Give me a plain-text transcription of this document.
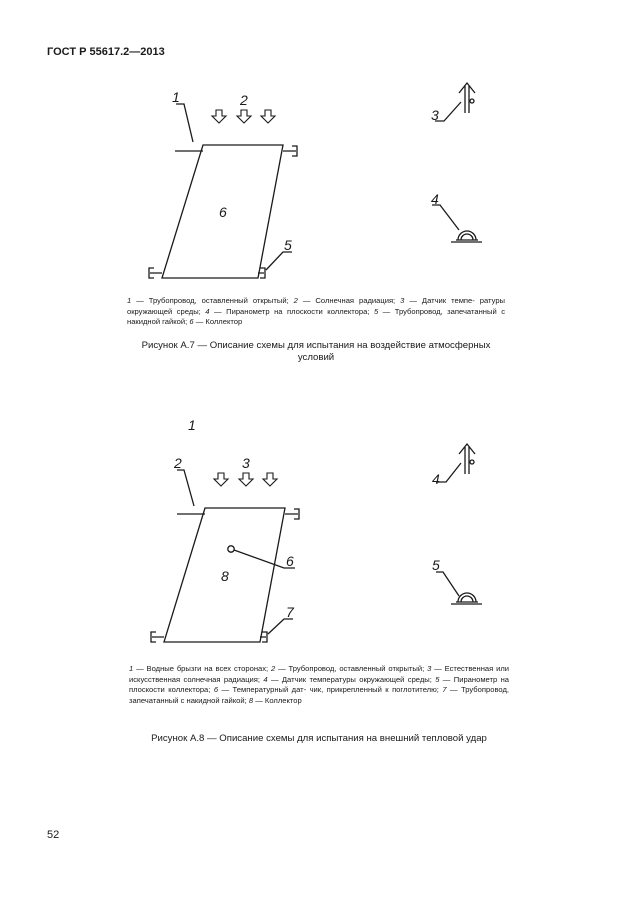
ГОСТ Р 55617.2—2013
1	2
3
4
5
6
1 — Трубопровод, оставленный открытый; 2 — Солнечная радиация; 3 — Датчик темпе- ратуры окружающей среды; 4 — Пиранометр на плоскости коллектора; 5 — Трубопровод, запечатанный с накидной гайкой; 6 — Коллектор
Рисунок А.7 — Описание схемы для испытания на воздействие атмосферных условий
1
2	3
4
5
6
7
8
1 — Водные брызги на всех сторонах; 2 — Трубопровод, оставленный открытый; 3 — Естественная или искусственная солнечная радиация; 4 — Датчик температуры окружающей среды; 5 — Пиранометр на плоскости коллектора; 6 — Температурный дат- чик, прикрепленный к поглотителю; 7 — Трубопровод, запечатанный с накидной гайкой; 8 — Коллектор
Рисунок А.8 — Описание схемы для испытания на внешний тепловой удар
52
